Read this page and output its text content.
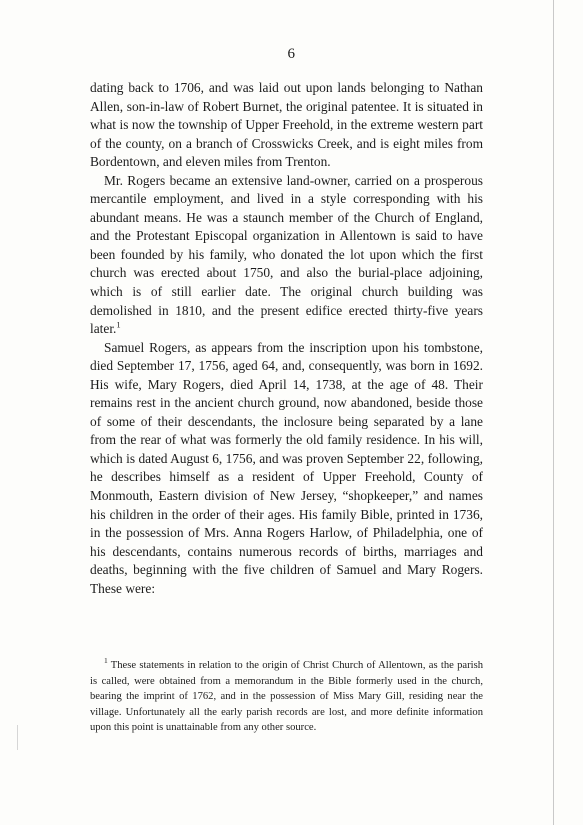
6

dating back to 1706, and was laid out upon lands belonging to Nathan Allen, son-in-law of Robert Burnet, the original patentee. It is situated in what is now the township of Upper Freehold, in the extreme western part of the county, on a branch of Crosswicks Creek, and is eight miles from Bordentown, and eleven miles from Trenton.

Mr. Rogers became an extensive land-owner, carried on a prosperous mercantile employment, and lived in a style corresponding with his abundant means. He was a staunch member of the Church of England, and the Protestant Episcopal organization in Allentown is said to have been founded by his family, who donated the lot upon which the first church was erected about 1750, and also the burial-place adjoining, which is of still earlier date. The original church building was demolished in 1810, and the present edifice erected thirty-five years later.$^1$

Samuel Rogers, as appears from the inscription upon his tombstone, died September 17, 1756, aged 64, and, consequently, was born in 1692. His wife, Mary Rogers, died April 14, 1738, at the age of 48. Their remains rest in the ancient church ground, now abandoned, beside those of some of their descendants, the inclosure being separated by a lane from the rear of what was formerly the old family residence. In his will, which is dated August 6, 1756, and was proven September 22, following, he describes himself as a resident of Upper Freehold, County of Monmouth, Eastern division of New Jersey, “shopkeeper,” and names his children in the order of their ages. His family Bible, printed in 1736, in the possession of Mrs. Anna Rogers Harlow, of Philadelphia, one of his descendants, contains numerous records of births, marriages and deaths, beginning with the five children of Samuel and Mary Rogers. These were:

$^1$ These statements in relation to the origin of Christ Church of Allentown, as the parish is called, were obtained from a memorandum in the Bible formerly used in the church, bearing the imprint of 1762, and in the possession of Miss Mary Gill, residing near the village. Unfortunately all the early parish records are lost, and more definite information upon this point is unattainable from any other source.
